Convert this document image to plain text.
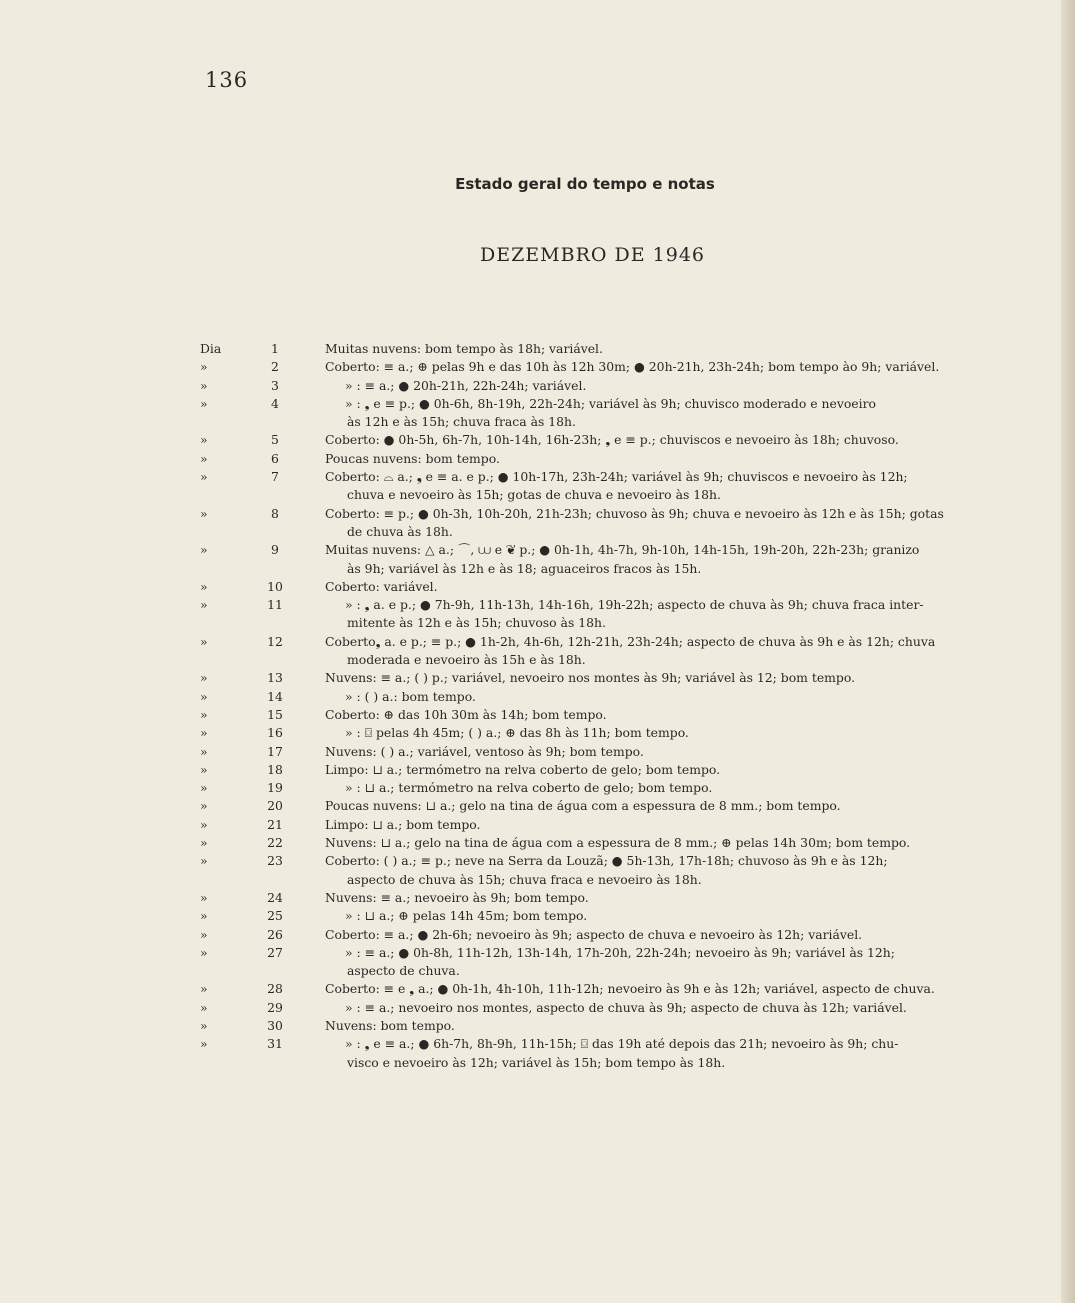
136
Estado geral do tempo e notas
DEZEMBRO DE 1946
Dia	1	Muitas nuvens: bom tempo às 18h; variável.
»	2	Coberto: ≡ a.; ⊕ pelas 9h e das 10h às 12h 30m; ● 20h-21h, 23h-24h; bom tempo ào 9h; variável.
»	3	» : ≡ a.; ● 20h-21h, 22h-24h; variável.
»	4	» : ❟ e ≡ p.; ● 0h-6h, 8h-19h, 22h-24h; variável às 9h; chuvisco moderado e nevoeiro
às 12h e às 15h; chuva fraca às 18h.
»	5	Coberto: ● 0h-5h, 6h-7h, 10h-14h, 16h-23h; ❟ e ≡ p.; chuviscos e nevoeiro às 18h; chuvoso.
»	6	Poucas nuvens: bom tempo.
»	7	Coberto: ⌓ a.; ❟ e ≡ a. e p.; ● 10h-17h, 23h-24h; variável às 9h; chuviscos e nevoeiro às 12h;
chuva e nevoeiro às 15h; gotas de chuva e nevoeiro às 18h.
»	8	Coberto: ≡ p.; ● 0h-3h, 10h-20h, 21h-23h; chuvoso às 9h; chuva e nevoeiro às 12h e às 15h; gotas
de chuva às 18h.
»	9	Muitas nuvens: △ a.; ⌒, ⩊ e ❦ p.; ● 0h-1h, 4h-7h, 9h-10h, 14h-15h, 19h-20h, 22h-23h; granizo
às 9h; variável às 12h e às 18; aguaceiros fracos às 15h.
»	10	Coberto: variável.
»	11	» : ❟ a. e p.; ● 7h-9h, 11h-13h, 14h-16h, 19h-22h; aspecto de chuva às 9h; chuva fraca inter-
mitente às 12h e às 15h; chuvoso às 18h.
»	12	Coberto❟ a. e p.; ≡ p.; ● 1h-2h, 4h-6h, 12h-21h, 23h-24h; aspecto de chuva às 9h e às 12h; chuva
moderada e nevoeiro às 15h e às 18h.
»	13	Nuvens: ≡ a.; ( ) p.; variável, nevoeiro nos montes às 9h; variável às 12; bom tempo.
»	14	» : ( ) a.: bom tempo.
»	15	Coberto: ⊕ das 10h 30m às 14h; bom tempo.
»	16	» : ⌼ pelas 4h 45m; ( ) a.; ⊕ das 8h às 11h; bom tempo.
»	17	Nuvens: ( ) a.; variável, ventoso às 9h; bom tempo.
»	18	Limpo: ⊔ a.; termómetro na relva coberto de gelo; bom tempo.
»	19	» : ⊔ a.; termómetro na relva coberto de gelo; bom tempo.
»	20	Poucas nuvens: ⊔ a.; gelo na tina de água com a espessura de 8 mm.; bom tempo.
»	21	Limpo: ⊔ a.; bom tempo.
»	22	Nuvens: ⊔ a.; gelo na tina de água com a espessura de 8 mm.; ⊕ pelas 14h 30m; bom tempo.
»	23	Coberto: ( ) a.; ≡ p.; neve na Serra da Louzã; ● 5h-13h, 17h-18h; chuvoso às 9h e às 12h;
aspecto de chuva às 15h; chuva fraca e nevoeiro às 18h.
»	24	Nuvens: ≡ a.; nevoeiro às 9h; bom tempo.
»	25	» : ⊔ a.; ⊕ pelas 14h 45m; bom tempo.
»	26	Coberto: ≡ a.; ● 2h-6h; nevoeiro às 9h; aspecto de chuva e nevoeiro às 12h; variável.
»	27	» : ≡ a.; ● 0h-8h, 11h-12h, 13h-14h, 17h-20h, 22h-24h; nevoeiro às 9h; variável às 12h;
aspecto de chuva.
»	28	Coberto: ≡ e ❟ a.; ● 0h-1h, 4h-10h, 11h-12h; nevoeiro às 9h e às 12h; variável, aspecto de chuva.
»	29	» : ≡ a.; nevoeiro nos montes, aspecto de chuva às 9h; aspecto de chuva às 12h; variável.
»	30	Nuvens: bom tempo.
»	31	» : ❟ e ≡ a.; ● 6h-7h, 8h-9h, 11h-15h; ⌼ das 19h até depois das 21h; nevoeiro às 9h; chu-
visco e nevoeiro às 12h; variável às 15h; bom tempo às 18h.
